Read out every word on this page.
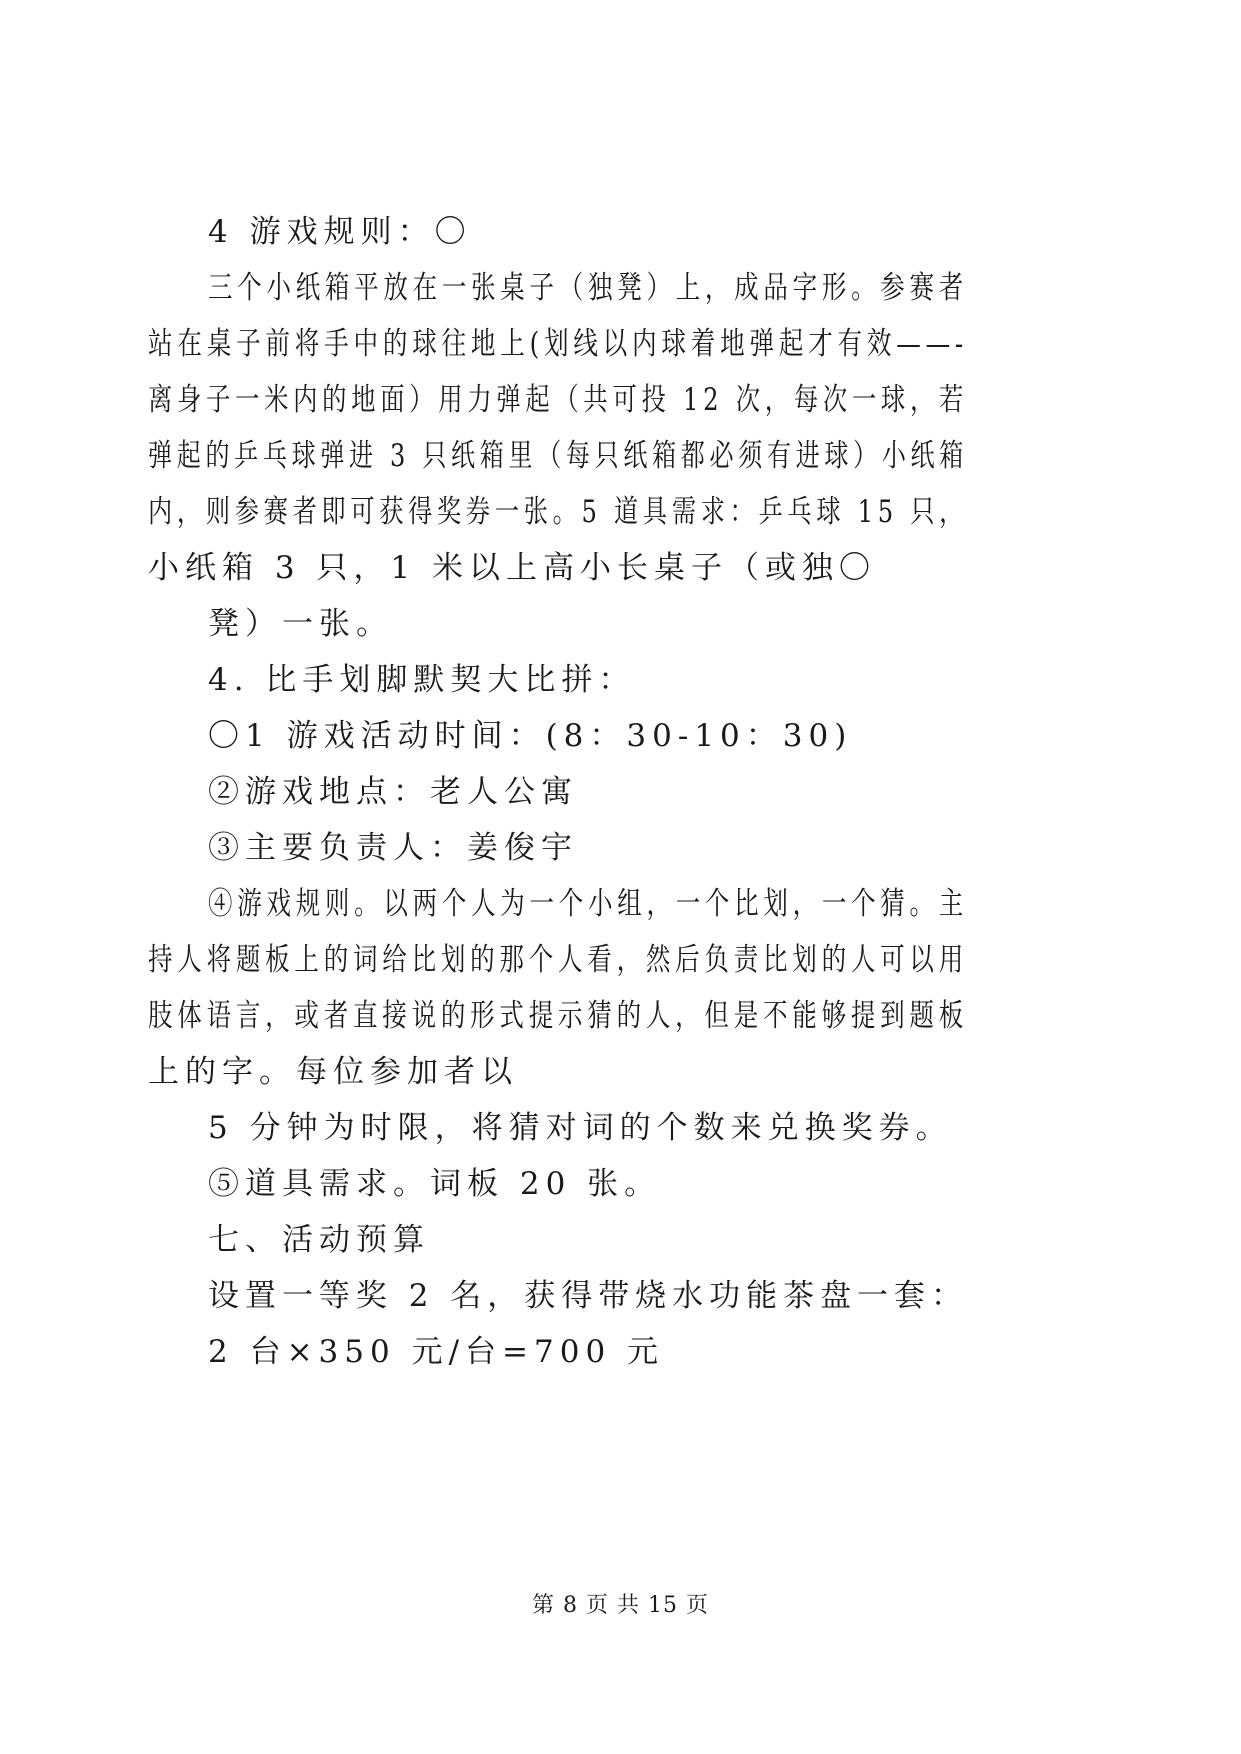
4 游戏规则：〇
三个小纸箱平放在一张桌子（独凳）上，成品字形。参赛者
站在桌子前将手中的球往地上(划线以内球着地弹起才有效——-
离身子一米内的地面）用力弹起（共可投 12 次，每次一球，若
弹起的乒乓球弹进 3 只纸箱里（每只纸箱都必须有进球）小纸箱
内，则参赛者即可获得奖券一张。5 道具需求：乒乓球 15 只，
小纸箱 3 只，1 米以上高小长桌子（或独〇
凳）一张。
4. 比手划脚默契大比拼：
〇1 游戏活动时间：(8：30-10：30)
②游戏地点：老人公寓
③主要负责人：姜俊宇
④游戏规则。以两个人为一个小组，一个比划，一个猜。主
持人将题板上的词给比划的那个人看，然后负责比划的人可以用
肢体语言，或者直接说的形式提示猜的人，但是不能够提到题板
上的字。每位参加者以
5 分钟为时限，将猜对词的个数来兑换奖券。
⑤道具需求。词板 20 张。
七、活动预算
设置一等奖 2 名，获得带烧水功能茶盘一套：
2 台×350 元/台=700 元
第 8 页 共 15 页
